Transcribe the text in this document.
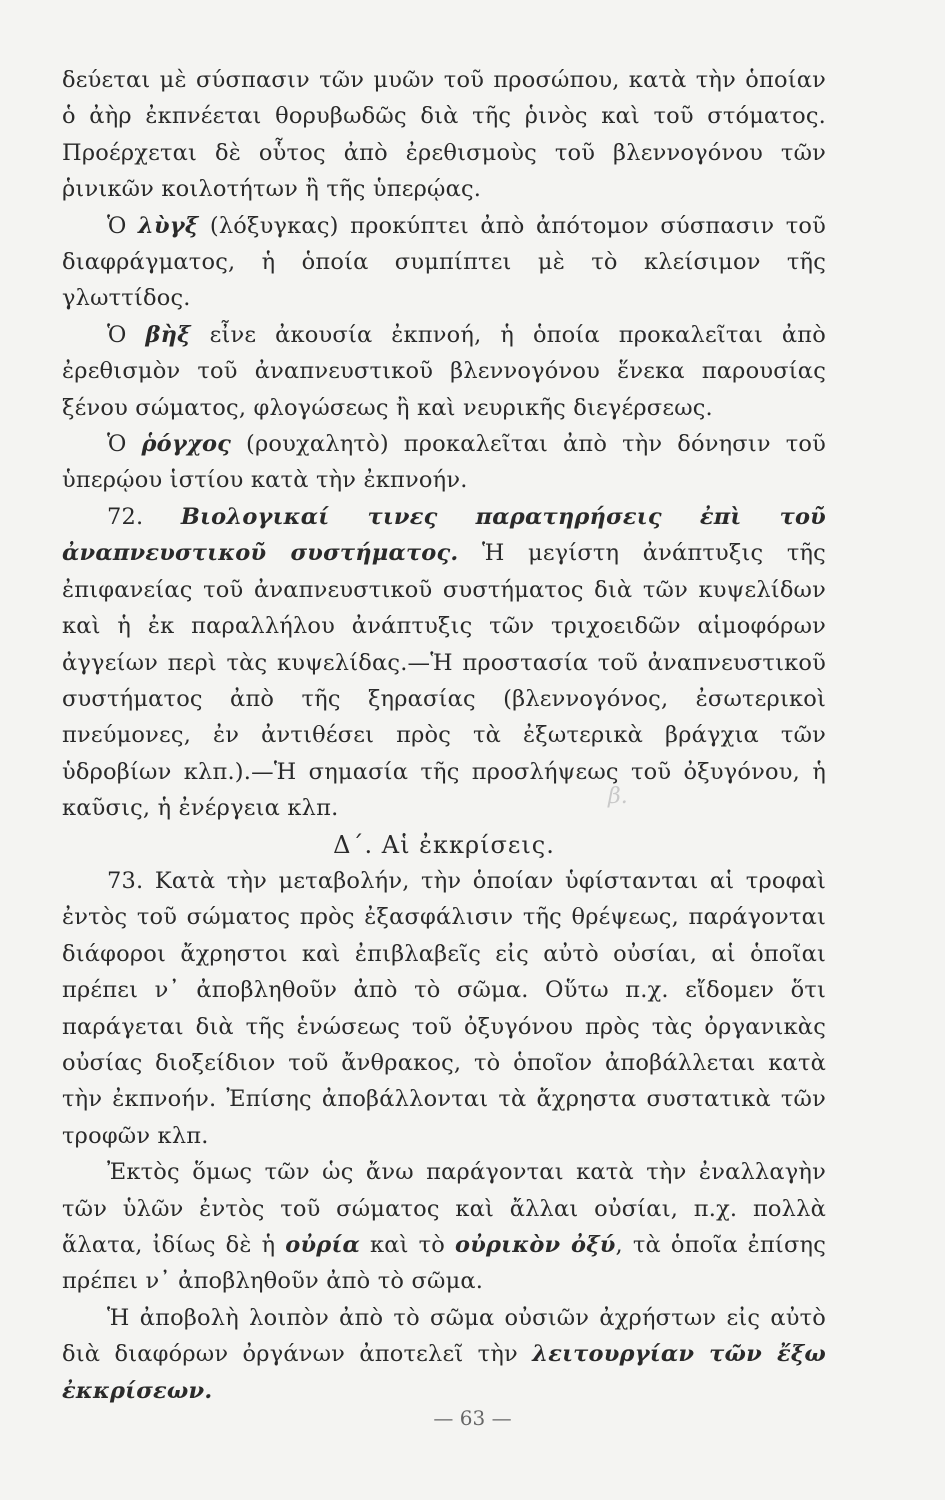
δεύεται μὲ σύσπασιν τῶν μυῶν τοῦ προσώπου, κατὰ τὴν ὁποίαν ὁ ἀὴρ ἐκπνέεται θορυβωδῶς διὰ τῆς ῥινὸς καὶ τοῦ στόματος. Προέρχεται δὲ οὗτος ἀπὸ ἐρεθισμοὺς τοῦ βλεννογόνου τῶν ῥινικῶν κοιλοτήτων ἢ τῆς ὑπερῴας.

Ὁ λὺγξ (λόξυγκας) προκύπτει ἀπὸ ἀπότομον σύσπασιν τοῦ διαφράγματος, ἡ ὁποία συμπίπτει μὲ τὸ κλείσιμον τῆς γλωττίδος.

Ὁ βὴξ εἶνε ἀκουσία ἐκπνοή, ἡ ὁποία προκαλεῖται ἀπὸ ἐρεθισμὸν τοῦ ἀναπνευστικοῦ βλεννογόνου ἕνεκα παρουσίας ξένου σώματος, φλογώσεως ἢ καὶ νευρικῆς διεγέρσεως.

Ὁ ῥόγχος (ρουχαλητὸ) προκαλεῖται ἀπὸ τὴν δόνησιν τοῦ ὑπερῴου ἱστίου κατὰ τὴν ἐκπνοήν.

72. Βιολογικαί τινες παρατηρήσεις ἐπὶ τοῦ ἀναπνευστικοῦ συστήματος. Ἡ μεγίστη ἀνάπτυξις τῆς ἐπιφανείας τοῦ ἀναπνευστικοῦ συστήματος διὰ τῶν κυψελίδων καὶ ἡ ἐκ παραλλήλου ἀνάπτυξις τῶν τριχοειδῶν αἱμοφόρων ἀγγείων περὶ τὰς κυψελίδας.—Ἡ προστασία τοῦ ἀναπνευστικοῦ συστήματος ἀπὸ τῆς ξηρασίας (βλεννογόνος, ἐσωτερικοὶ πνεύμονες, ἐν ἀντιθέσει πρὸς τὰ ἐξωτερικὰ βράγχια τῶν ὑδροβίων κλπ.).—Ἡ σημασία τῆς προσλήψεως τοῦ ὀξυγόνου, ἡ καῦσις, ἡ ἐνέργεια κλπ.

Δ΄. Αἱ ἐκκρίσεις.

73. Κατὰ τὴν μεταβολήν, τὴν ὁποίαν ὑφίστανται αἱ τροφαὶ ἐντὸς τοῦ σώματος πρὸς ἐξασφάλισιν τῆς θρέψεως, παράγονται διάφοροι ἄχρηστοι καὶ ἐπιβλαβεῖς εἰς αὐτὸ οὐσίαι, αἱ ὁποῖαι πρέπει ν᾽ ἀποβληθοῦν ἀπὸ τὸ σῶμα. Οὕτω π.χ. εἴδομεν ὅτι παράγεται διὰ τῆς ἑνώσεως τοῦ ὀξυγόνου πρὸς τὰς ὀργανικὰς οὐσίας διοξείδιον τοῦ ἄνθρακος, τὸ ὁποῖον ἀποβάλλεται κατὰ τὴν ἐκπνοήν. Ἐπίσης ἀποβάλλονται τὰ ἄχρηστα συστατικὰ τῶν τροφῶν κλπ.

Ἐκτὸς ὅμως τῶν ὡς ἄνω παράγονται κατὰ τὴν ἐναλλαγὴν τῶν ὑλῶν ἐντὸς τοῦ σώματος καὶ ἄλλαι οὐσίαι, π.χ. πολλὰ ἅλατα, ἰδίως δὲ ἡ οὐρία καὶ τὸ οὐρικὸν ὀξύ, τὰ ὁποῖα ἐπίσης πρέπει ν᾽ ἀποβληθοῦν ἀπὸ τὸ σῶμα.

Ἡ ἀποβολὴ λοιπὸν ἀπὸ τὸ σῶμα οὐσιῶν ἀχρήστων εἰς αὐτὸ διὰ διαφόρων ὀργάνων ἀποτελεῖ τὴν λειτουργίαν τῶν ἔξω ἐκκρίσεων.

β.
— 63 —
